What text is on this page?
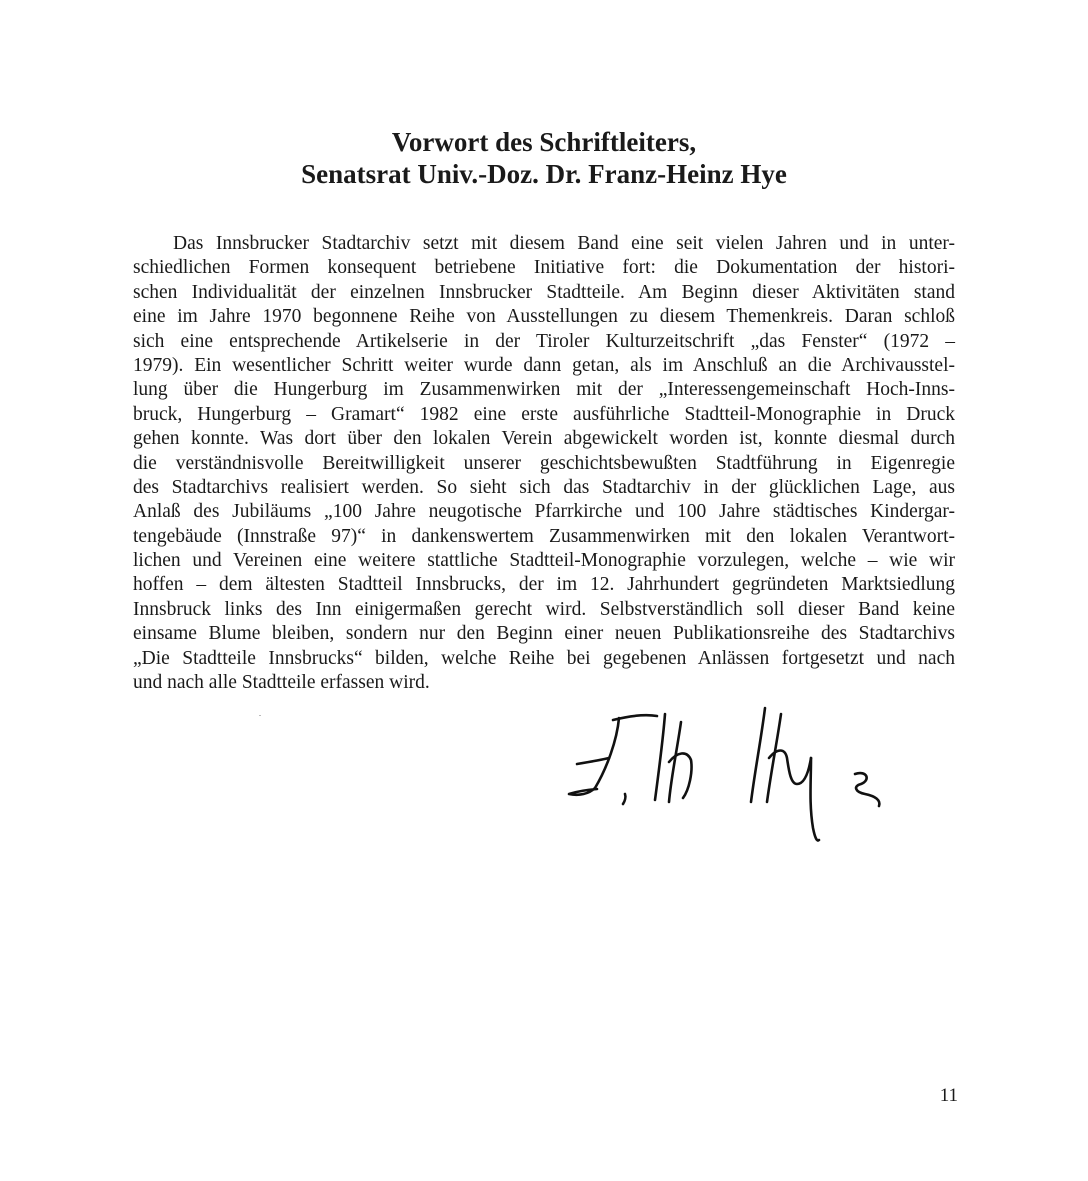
Vorwort des Schriftleiters,
Senatsrat Univ.-Doz. Dr. Franz-Heinz Hye
Das Innsbrucker Stadtarchiv setzt mit diesem Band eine seit vielen Jahren und in unter-
schiedlichen Formen konsequent betriebene Initiative fort: die Dokumentation der histori-
schen Individualität der einzelnen Innsbrucker Stadtteile. Am Beginn dieser Aktivitäten stand
eine im Jahre 1970 begonnene Reihe von Ausstellungen zu diesem Themenkreis. Daran schloß
sich eine entsprechende Artikelserie in der Tiroler Kulturzeitschrift „das Fenster“ (1972 –
1979). Ein wesentlicher Schritt weiter wurde dann getan, als im Anschluß an die Archivausstel-
lung über die Hungerburg im Zusammenwirken mit der „Interessengemeinschaft Hoch-Inns-
bruck, Hungerburg – Gramart“ 1982 eine erste ausführliche Stadtteil-Monographie in Druck
gehen konnte. Was dort über den lokalen Verein abgewickelt worden ist, konnte diesmal durch
die verständnisvolle Bereitwilligkeit unserer geschichtsbewußten Stadtführung in Eigenregie
des Stadtarchivs realisiert werden. So sieht sich das Stadtarchiv in der glücklichen Lage, aus
Anlaß des Jubiläums „100 Jahre neugotische Pfarrkirche und 100 Jahre städtisches Kindergar-
tengebäude (Innstraße 97)“ in dankenswertem Zusammenwirken mit den lokalen Verantwort-
lichen und Vereinen eine weitere stattliche Stadtteil-Monographie vorzulegen, welche – wie wir
hoffen – dem ältesten Stadtteil Innsbrucks, der im 12. Jahrhundert gegründeten Marktsiedlung
Innsbruck links des Inn einigermaßen gerecht wird. Selbstverständlich soll dieser Band keine
einsame Blume bleiben, sondern nur den Beginn einer neuen Publikationsreihe des Stadtarchivs
„Die Stadtteile Innsbrucks“ bilden, welche Reihe bei gegebenen Anlässen fortgesetzt und nach
und nach alle Stadtteile erfassen wird.
11
